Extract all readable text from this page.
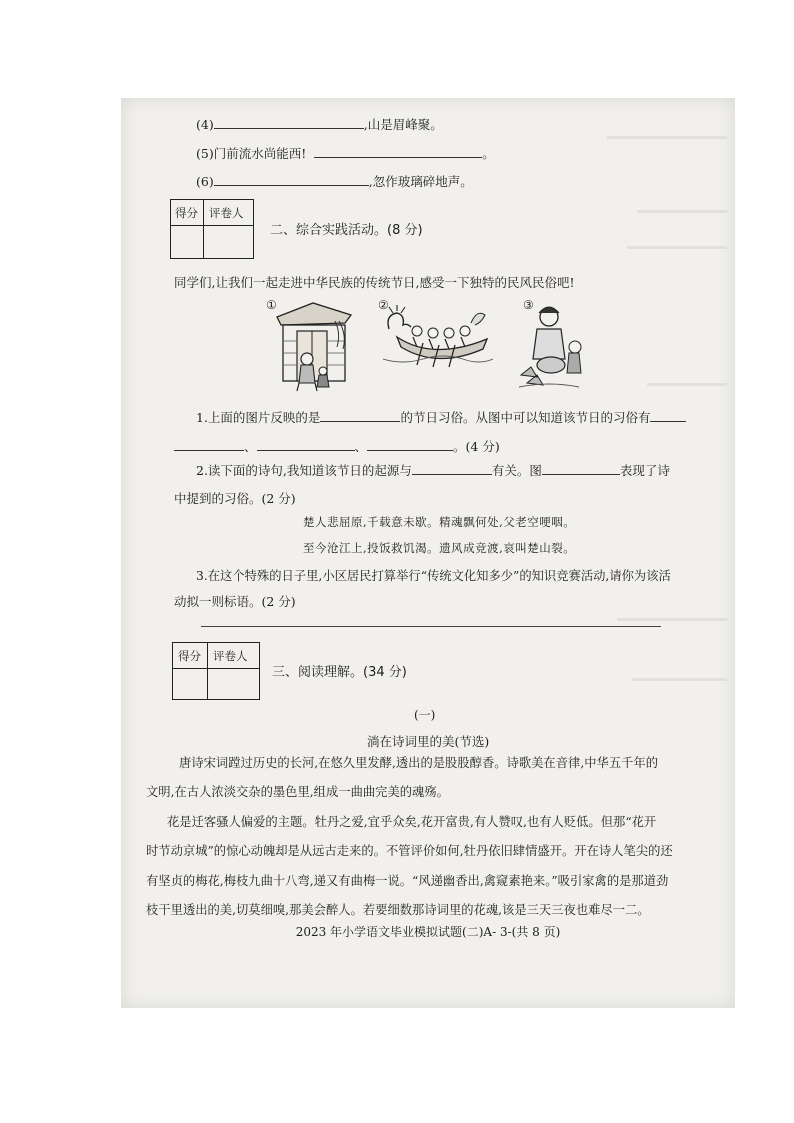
(4)	,山是眉峰聚。
(5)门前流水尚能西!	。
(6)	,忽作玻璃碎地声。
得分 评卷人
二、综合实践活动。(8 分)
同学们,让我们一起走进中华民族的传统节日,感受一下独特的民风民俗吧!
①	②	③
1.上面的图片反映的是	的节日习俗。从图中可以知道该节日的习俗有
、	、	。(4 分)
2.读下面的诗句,我知道该节日的起源与	有关。图	表现了诗
中提到的习俗。(2 分)
楚人悲屈原,千载意未歇。精魂飘何处,父老空哽咽。
至今沧江上,投饭救饥渴。遗风成竞渡,哀叫楚山裂。
3.在这个特殊的日子里,小区居民打算举行“传统文化知多少”的知识竞赛活动,请你为该活
动拟一则标语。(2 分)
得分 评卷人
三、阅读理解。(34 分)
(一)
淌在诗词里的美(节选)
唐诗宋词蹚过历史的长河,在悠久里发酵,透出的是股股醇香。诗歌美在音律,中华五千年的
文明,在古人浓淡交杂的墨色里,组成一曲曲完美的魂殇。
花是迁客骚人偏爱的主题。牡丹之爱,宜乎众矣,花开富贵,有人赞叹,也有人贬低。但那“花开
时节动京城”的惊心动魄却是从远古走来的。不管评价如何,牡丹依旧肆情盛开。开在诗人笔尖的还
有坚贞的梅花,梅枝九曲十八弯,递又有曲梅一说。“风递幽香出,禽窥素艳来。”吸引家禽的是那道劲
枝干里透出的美,切莫细嗅,那美会醉人。若要细数那诗词里的花魂,该是三天三夜也难尽一二。
2023 年小学语文毕业模拟试题(二)A- 3-(共 8 页)
